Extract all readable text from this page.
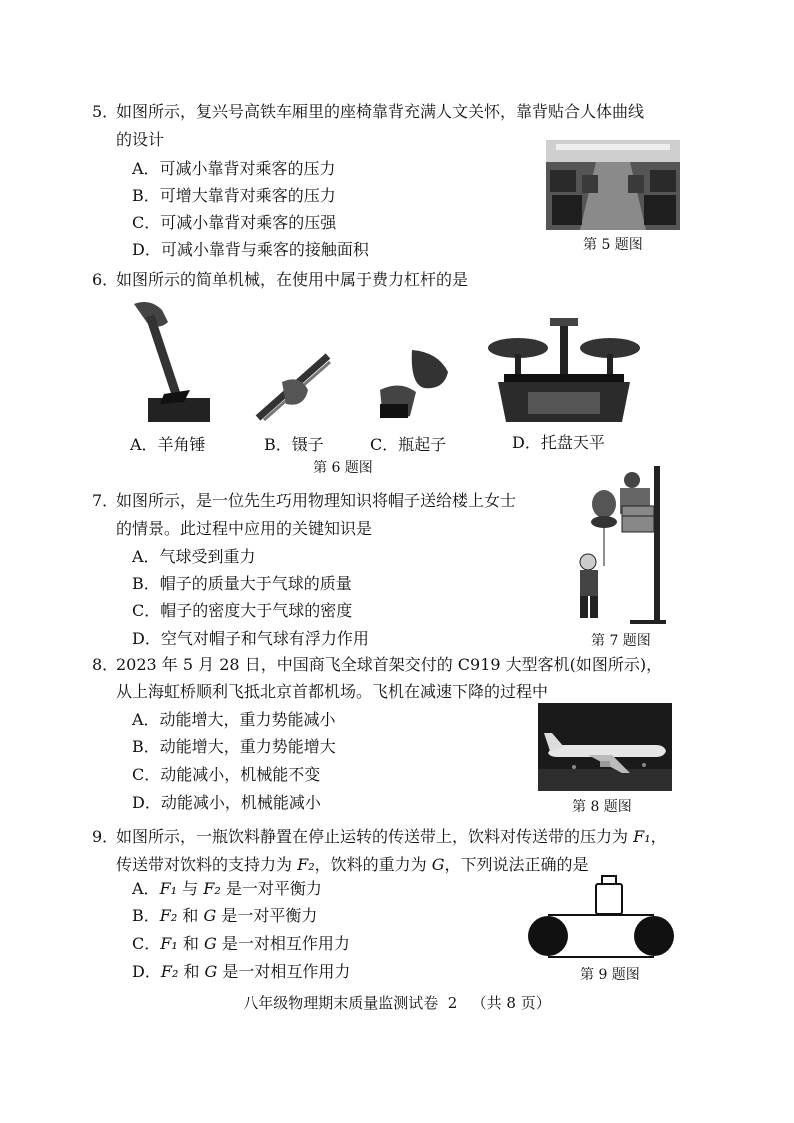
5．
如图所示，复兴号高铁车厢里的座椅靠背充满人文关怀，靠背贴合人体曲线
的设计
A．可减小靠背对乘客的压力
B．可增大靠背对乘客的压力
C．可减小靠背对乘客的压强
D．可减小靠背与乘客的接触面积	第 5 题图
6．
如图所示的简单机械，在使用中属于费力杠杆的是
A．羊角锤	B．镊子	C．瓶起子	D．托盘天平
第 6 题图
7．
如图所示，是一位先生巧用物理知识将帽子送给楼上女士
的情景。此过程中应用的关键知识是
A．气球受到重力
B．帽子的质量大于气球的质量
C．帽子的密度大于气球的密度
D．空气对帽子和气球有浮力作用	第 7 题图
8．
2023 年 5 月 28 日，中国商飞全球首架交付的 C919 大型客机(如图所示)，
从上海虹桥顺利飞抵北京首都机场。飞机在减速下降的过程中
A．动能增大，重力势能减小
B．动能增大，重力势能增大
C．动能减小，机械能不变
D．动能减小，机械能减小	第 8 题图
9．
如图所示，一瓶饮料静置在停止运转的传送带上，饮料对传送带的压力为 F₁，
传送带对饮料的支持力为 F₂，饮料的重力为 G，下列说法正确的是
A．F₁ 与 F₂ 是一对平衡力
B．F₂ 和 G 是一对平衡力
C．F₁ 和 G 是一对相互作用力
D．F₂ 和 G 是一对相互作用力	第 9 题图
八年级物理期末质量监测试卷 2 （共 8 页）
